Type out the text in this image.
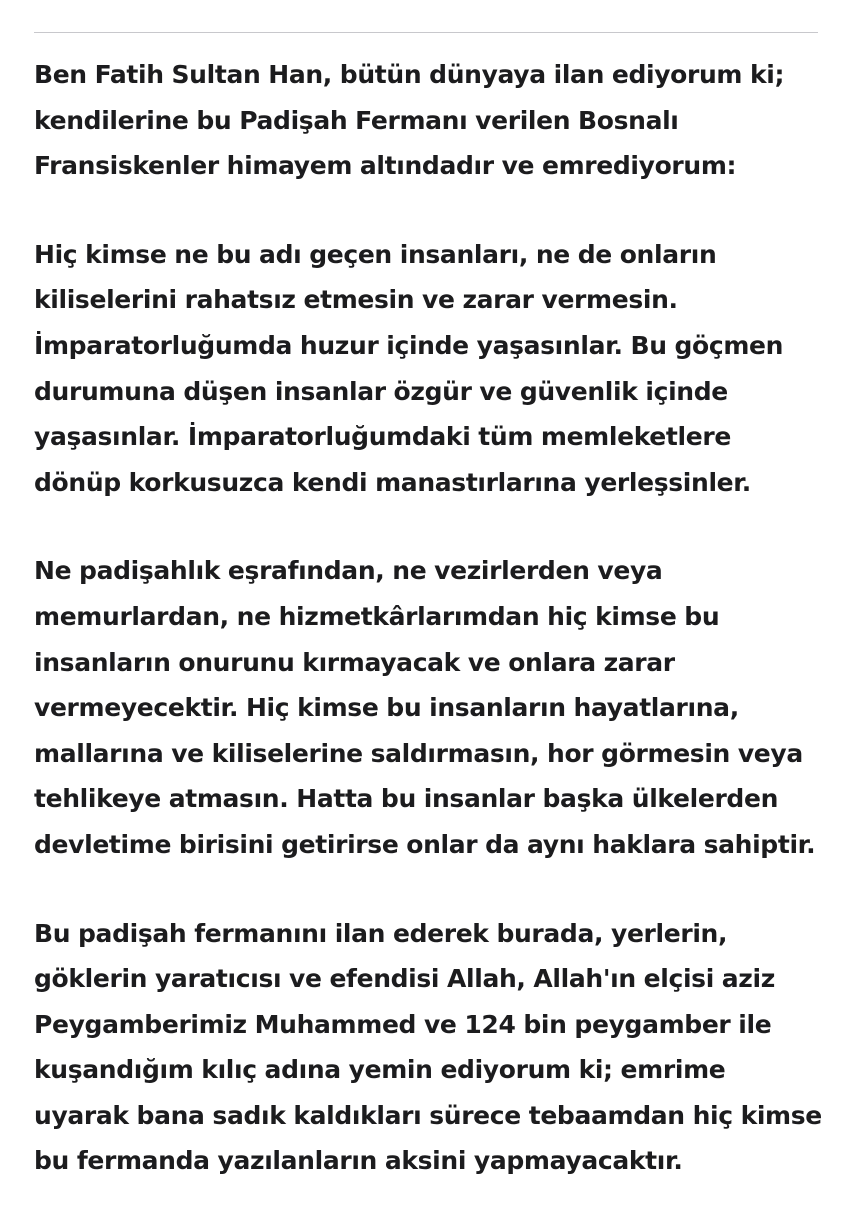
Ben Fatih Sultan Han, bütün dünyaya ilan ediyorum ki;
kendilerine bu Padişah Fermanı verilen Bosnalı
Fransiskenler himayem altındadır ve emrediyorum:

Hiç kimse ne bu adı geçen insanları, ne de onların
kiliselerini rahatsız etmesin ve zarar vermesin.
İmparatorluğumda huzur içinde yaşasınlar. Bu göçmen
durumuna düşen insanlar özgür ve güvenlik içinde
yaşasınlar. İmparatorluğumdaki tüm memleketlere
dönüp korkusuzca kendi manastırlarına yerleşsinler.

Ne padişahlık eşrafından, ne vezirlerden veya
memurlardan, ne hizmetkârlarımdan hiç kimse bu
insanların onurunu kırmayacak ve onlara zarar
vermeyecektir. Hiç kimse bu insanların hayatlarına,
mallarına ve kiliselerine saldırmasın, hor görmesin veya
tehlikeye atmasın. Hatta bu insanlar başka ülkelerden
devletime birisini getirirse onlar da aynı haklara sahiptir.

Bu padişah fermanını ilan ederek burada, yerlerin,
göklerin yaratıcısı ve efendisi Allah, Allah'ın elçisi aziz
Peygamberimiz Muhammed ve 124 bin peygamber ile
kuşandığım kılıç adına yemin ediyorum ki; emrime
uyarak bana sadık kaldıkları sürece tebaamdan hiç kimse
bu fermanda yazılanların aksini yapmayacaktır.
